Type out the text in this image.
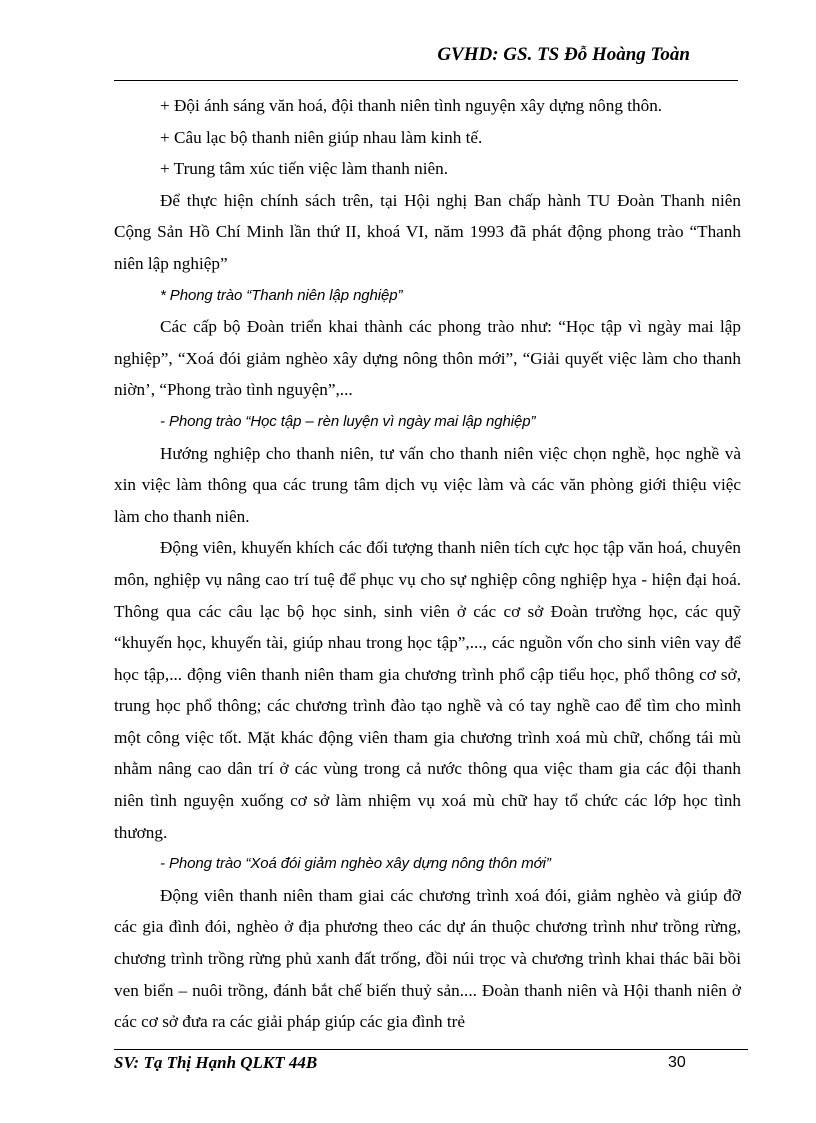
GVHD: GS. TS Đỗ Hoàng Toàn

+ Đội ánh sáng văn hoá, đội thanh niên tình nguyện xây dựng nông thôn.

+ Câu lạc bộ thanh niên giúp nhau làm kinh tế.

+ Trung tâm xúc tiến việc làm thanh niên.

Để thực hiện chính sách trên, tại Hội nghị Ban chấp hành TU Đoàn Thanh niên Cộng Sản Hồ Chí Minh lần thứ II, khoá VI, năm 1993 đã phát động phong trào “Thanh niên lập nghiệp”

* Phong trào “Thanh niên lập nghiệp”

Các cấp bộ Đoàn triển khai thành các phong trào như: “Học tập vì ngày mai lập nghiệp”, “Xoá đói giảm nghèo xây dựng nông thôn mới”, “Giải quyết việc làm cho thanh niờn’, “Phong trào tình nguyện”,...

- Phong trào “Học tập – rèn luyện vì ngày mai lập nghiệp”

Hướng nghiệp cho thanh niên, tư vấn cho thanh niên việc chọn nghề, học nghề và xin việc làm thông qua các trung tâm dịch vụ việc làm và các văn phòng giới thiệu việc làm cho thanh niên.

Động viên, khuyến khích các đối tượng thanh niên tích cực học tập văn hoá, chuyên môn, nghiệp vụ nâng cao trí tuệ để phục vụ cho sự nghiệp công nghiệp hỵa - hiện đại hoá. Thông qua các câu lạc bộ học sinh, sinh viên ở các cơ sở Đoàn trường học, các quỹ “khuyến học, khuyến tài, giúp nhau trong học tập”,..., các nguồn vốn cho sinh viên vay để học tập,... động viên thanh niên tham gia chương trình phổ cập tiểu học, phổ thông cơ sở, trung học phổ thông; các chương trình đào tạo nghề và có tay nghề cao để tìm cho mình một công việc tốt. Mặt khác động viên tham gia chương trình xoá mù chữ, chống tái mù nhằm nâng cao dân trí ở các vùng trong cả nước thông qua việc tham gia các đội thanh niên tình nguyện xuống cơ sở làm nhiệm vụ xoá mù chữ hay tổ chức các lớp học tình thương.

- Phong trào “Xoá đói giảm nghèo xây dựng nông thôn mới”

Động viên thanh niên tham giai các chương trình xoá đói, giảm nghèo và giúp đỡ các gia đình đói, nghèo ở địa phương theo các dự án thuộc chương trình như trồng rừng, chương trình trồng rừng phủ xanh đất trống, đồi núi trọc và chương trình khai thác bãi bồi ven biển – nuôi trồng, đánh bắt chế biến thuỷ sản.... Đoàn thanh niên và Hội thanh niên ở các cơ sở đưa ra các giải pháp giúp các gia đình trẻ

SV: Tạ Thị Hạnh QLKT 44B	30
